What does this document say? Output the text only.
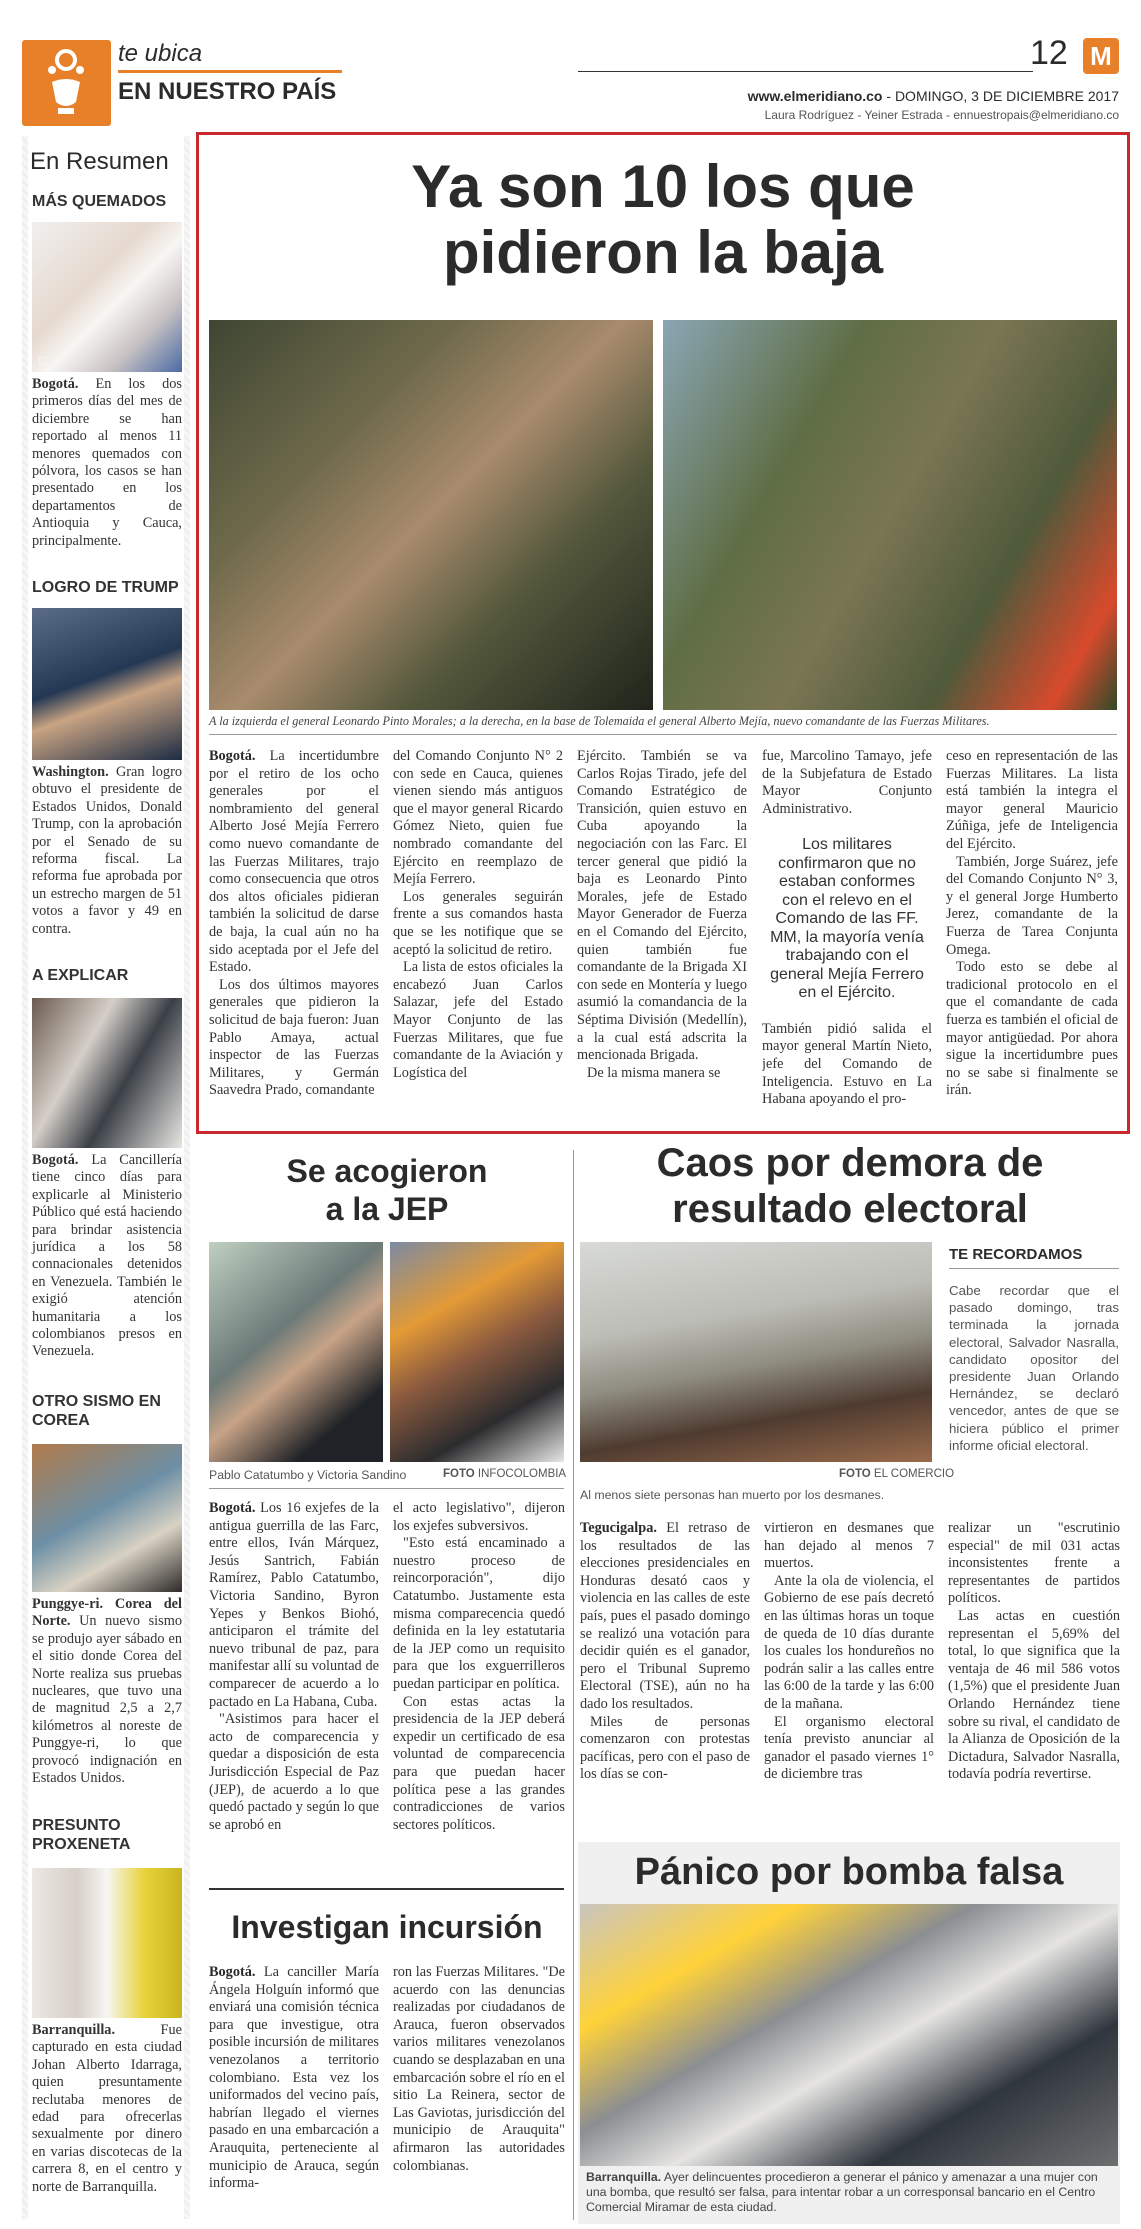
te ubica
EN NUESTRO PAÍS
12 M
www.elmeridiano.co - DOMINGO, 3 DE DICIEMBRE 2017
Laura Rodríguez - Yeiner Estrada - ennuestropais@elmeridiano.co
En Resumen
MÁS QUEMADOS
▢
Bogotá. En los dos primeros días del mes de diciembre se han reportado al menos 11 menores quemados con pólvora, los casos se han presentado en los departamentos de Antioquia y Cauca, principalmente.
LOGRO DE TRUMP
Washington. Gran logro obtuvo el presidente de Estados Unidos, Donald Trump, con la aprobación por el Senado de su reforma fiscal. La reforma fue aprobada por un estrecho margen de 51 votos a favor y 49 en contra.
A EXPLICAR
Bogotá. La Cancillería tiene cinco días para explicarle al Ministerio Público qué está haciendo para brindar asistencia jurídica a los 58 connacionales detenidos en Venezuela. También le exigió atención humanitaria a los colombianos presos en Venezuela.
OTRO SISMO EN COREA
Punggye-ri. Corea del Norte. Un nuevo sismo se produjo ayer sábado en el sitio donde Corea del Norte realiza sus pruebas nucleares, que tuvo una de magnitud 2,5 a 2,7 kilómetros al noreste de Punggye-ri, lo que provocó indignación en Estados Unidos.
PRESUNTO PROXENETA
Barranquilla. Fue capturado en esta ciudad Johan Alberto Idarraga, quien presuntamente reclutaba menores de edad para ofrecerlas sexualmente por dinero en varias discotecas de la carrera 8, en el centro y norte de Barranquilla.
Ya son 10 los que
pidieron la baja
A la izquierda el general Leonardo Pinto Morales; a la derecha, en la base de Tolemaida el general Alberto Mejía, nuevo comandante de las Fuerzas Militares.

Bogotá. La incertidumbre por el retiro de los ocho generales por el nombramiento del general Alberto José Mejía Ferrero como nuevo comandante de las Fuerzas Militares, trajo como consecuencia que otros dos altos oficiales pidieran también la solicitud de darse de baja, la cual aún no ha sido aceptada por el Jefe del Estado.

Los dos últimos mayores generales que pidieron la solicitud de baja fueron: Juan Pablo Amaya, actual inspector de las Fuerzas Militares, y Germán Saavedra Prado, comandante

del Comando Conjunto N° 2 con sede en Cauca, quienes vienen siendo más antiguos que el mayor general Ricardo Gómez Nieto, quien fue nombrado comandante del Ejército en reemplazo de Mejía Ferrero.

Los generales seguirán frente a sus comandos hasta que se les notifique que se aceptó la solicitud de retiro.

La lista de estos oficiales la encabezó Juan Carlos Salazar, jefe del Estado Mayor Conjunto de las Fuerzas Militares, que fue comandante de la Aviación y Logística del

Ejército. También se va Carlos Rojas Tirado, jefe del Comando Estratégico de Transición, quien estuvo en Cuba apoyando la negociación con las Farc. El tercer general que pidió la baja es Leonardo Pinto Morales, jefe de Estado Mayor Generador de Fuerza en el Comando del Ejército, quien también fue comandante de la Brigada XI con sede en Montería y luego asumió la comandancia de la Séptima División (Medellín), a la cual está adscrita la mencionada Brigada.

De la misma manera se

fue, Marcolino Tamayo, jefe de la Subjefatura de Estado Mayor Conjunto Administrativo.

Los militares confirmaron que no estaban conformes con el relevo en el Comando de las FF. MM, la mayoría venía trabajando con el general Mejía Ferrero en el Ejército.

También pidió salida el mayor general Martín Nieto, jefe del Comando de Inteligencia. Estuvo en La Habana apoyando el pro-

ceso en representación de las Fuerzas Militares. La lista está también la integra el mayor general Mauricio Zúñiga, jefe de Inteligencia del Ejército.

También, Jorge Suárez, jefe del Comando Conjunto N° 3, y el general Jorge Humberto Jerez, comandante de la Fuerza de Tarea Conjunta Omega.

Todo esto se debe al tradicional protocolo en el que el comandante de cada fuerza es también el oficial de mayor antigüedad. Por ahora sigue la incertidumbre pues no se sabe si finalmente se irán.

Se acogieron
a la JEP
Pablo Catatumbo y Victoria Sandino	FOTO INFOCOLOMBIA

Bogotá. Los 16 exjefes de la antigua guerrilla de las Farc, entre ellos, Iván Márquez, Jesús Santrich, Fabián Ramírez, Pablo Catatumbo, Victoria Sandino, Byron Yepes y Benkos Biohó, anticiparon el trámite del nuevo tribunal de paz, para manifestar allí su voluntad de comparecer de acuerdo a lo pactado en La Habana, Cuba.

"Asistimos para hacer el acto de comparecencia y quedar a disposición de esta Jurisdicción Especial de Paz (JEP), de acuerdo a lo que quedó pactado y según lo que se aprobó en

el acto legislativo", dijeron los exjefes subversivos.

"Esto está encaminado a nuestro proceso de reincorporación", dijo Catatumbo. Justamente esta misma comparecencia quedó definida en la ley estatutaria de la JEP como un requisito para que los exguerrilleros puedan participar en política.

Con estas actas la presidencia de la JEP deberá expedir un certificado de esa voluntad de comparecencia para que puedan hacer política pese a las grandes contradicciones de varios sectores políticos.

Investigan incursión

Bogotá. La canciller María Ángela Holguín informó que enviará una comisión técnica para que investigue, otra posible incursión de militares venezolanos a territorio colombiano. Esta vez los uniformados del vecino país, habrían llegado el viernes pasado en una embarcación a Arauquita, perteneciente al municipio de Arauca, según informa-

ron las Fuerzas Militares. "De acuerdo con las denuncias realizadas por ciudadanos de Arauca, fueron observados varios militares venezolanos cuando se desplazaban en una embarcación sobre el río en el sitio La Reinera, sector de Las Gaviotas, jurisdicción del municipio de Arauquita" afirmaron las autoridades colombianas.

Caos por demora de
resultado electoral
FOTO EL COMERCIO
Al menos siete personas han muerto por los desmanes.
TE RECORDAMOS
Cabe recordar que el pasado domingo, tras terminada la jornada electoral, Salvador Nasralla, candidato opositor del presidente Juan Orlando Hernández, se declaró vencedor, antes de que se hiciera público el primer informe oficial electoral.

Tegucigalpa. El retraso de los resultados de las elecciones presidenciales en Honduras desató caos y violencia en las calles de este país, pues el pasado domingo se realizó una votación para decidir quién es el ganador, pero el Tribunal Supremo Electoral (TSE), aún no ha dado los resultados.

Miles de personas comenzaron con protestas pacíficas, pero con el paso de los días se con-

virtieron en desmanes que han dejado al menos 7 muertos.

Ante la ola de violencia, el Gobierno de ese país decretó en las últimas horas un toque de queda de 10 días durante los cuales los hondureños no podrán salir a las calles entre las 6:00 de la tarde y las 6:00 de la mañana.

El organismo electoral tenía previsto anunciar al ganador el pasado viernes 1° de diciembre tras

realizar un "escrutinio especial" de mil 031 actas inconsistentes frente a representantes de partidos políticos.

Las actas en cuestión representan el 5,69% del total, lo que significa que la ventaja de 46 mil 586 votos (1,5%) que el presidente Juan Orlando Hernández tiene sobre su rival, el candidato de la Alianza de Oposición de la Dictadura, Salvador Nasralla, todavía podría revertirse.

Pánico por bomba falsa
Barranquilla. Ayer delincuentes procedieron a generar el pánico y amenazar a una mujer con una bomba, que resultó ser falsa, para intentar robar a un corresponsal bancario en el Centro Comercial Miramar de esta ciudad.
